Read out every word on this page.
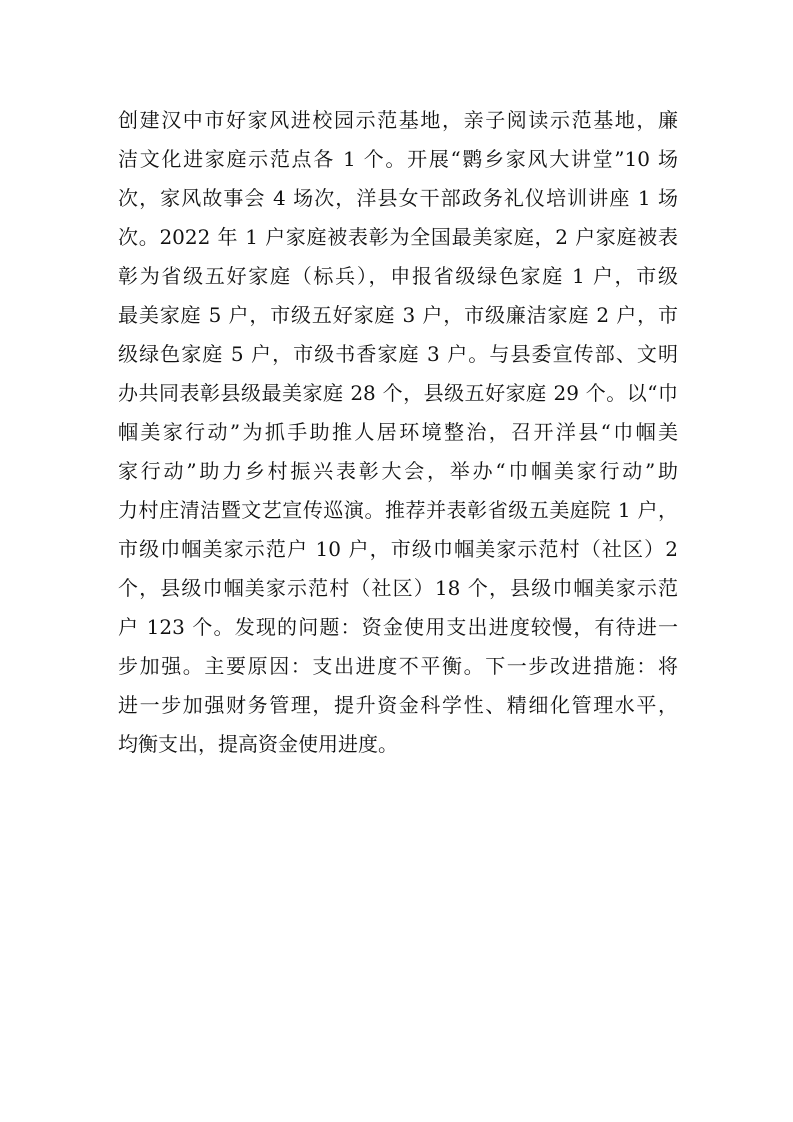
创建汉中市好家风进校园示范基地，亲子阅读示范基地，廉
洁文化进家庭示范点各 1 个。开展“鹮乡家风大讲堂”10 场
次，家风故事会 4 场次，洋县女干部政务礼仪培训讲座 1 场
次。2022 年 1 户家庭被表彰为全国最美家庭，2 户家庭被表
彰为省级五好家庭（标兵），申报省级绿色家庭 1 户，市级
最美家庭 5 户，市级五好家庭 3 户，市级廉洁家庭 2 户，市
级绿色家庭 5 户，市级书香家庭 3 户。与县委宣传部、文明
办共同表彰县级最美家庭 28 个，县级五好家庭 29 个。以“巾
帼美家行动”为抓手助推人居环境整治，召开洋县“巾帼美
家行动”助力乡村振兴表彰大会，举办“巾帼美家行动”助
力村庄清洁暨文艺宣传巡演。推荐并表彰省级五美庭院 1 户，
市级巾帼美家示范户 10 户，市级巾帼美家示范村（社区）2
个，县级巾帼美家示范村（社区）18 个，县级巾帼美家示范
户 123 个。发现的问题：资金使用支出进度较慢，有待进一
步加强。主要原因：支出进度不平衡。下一步改进措施：将
进一步加强财务管理，提升资金科学性、精细化管理水平，
均衡支出，提高资金使用进度。
